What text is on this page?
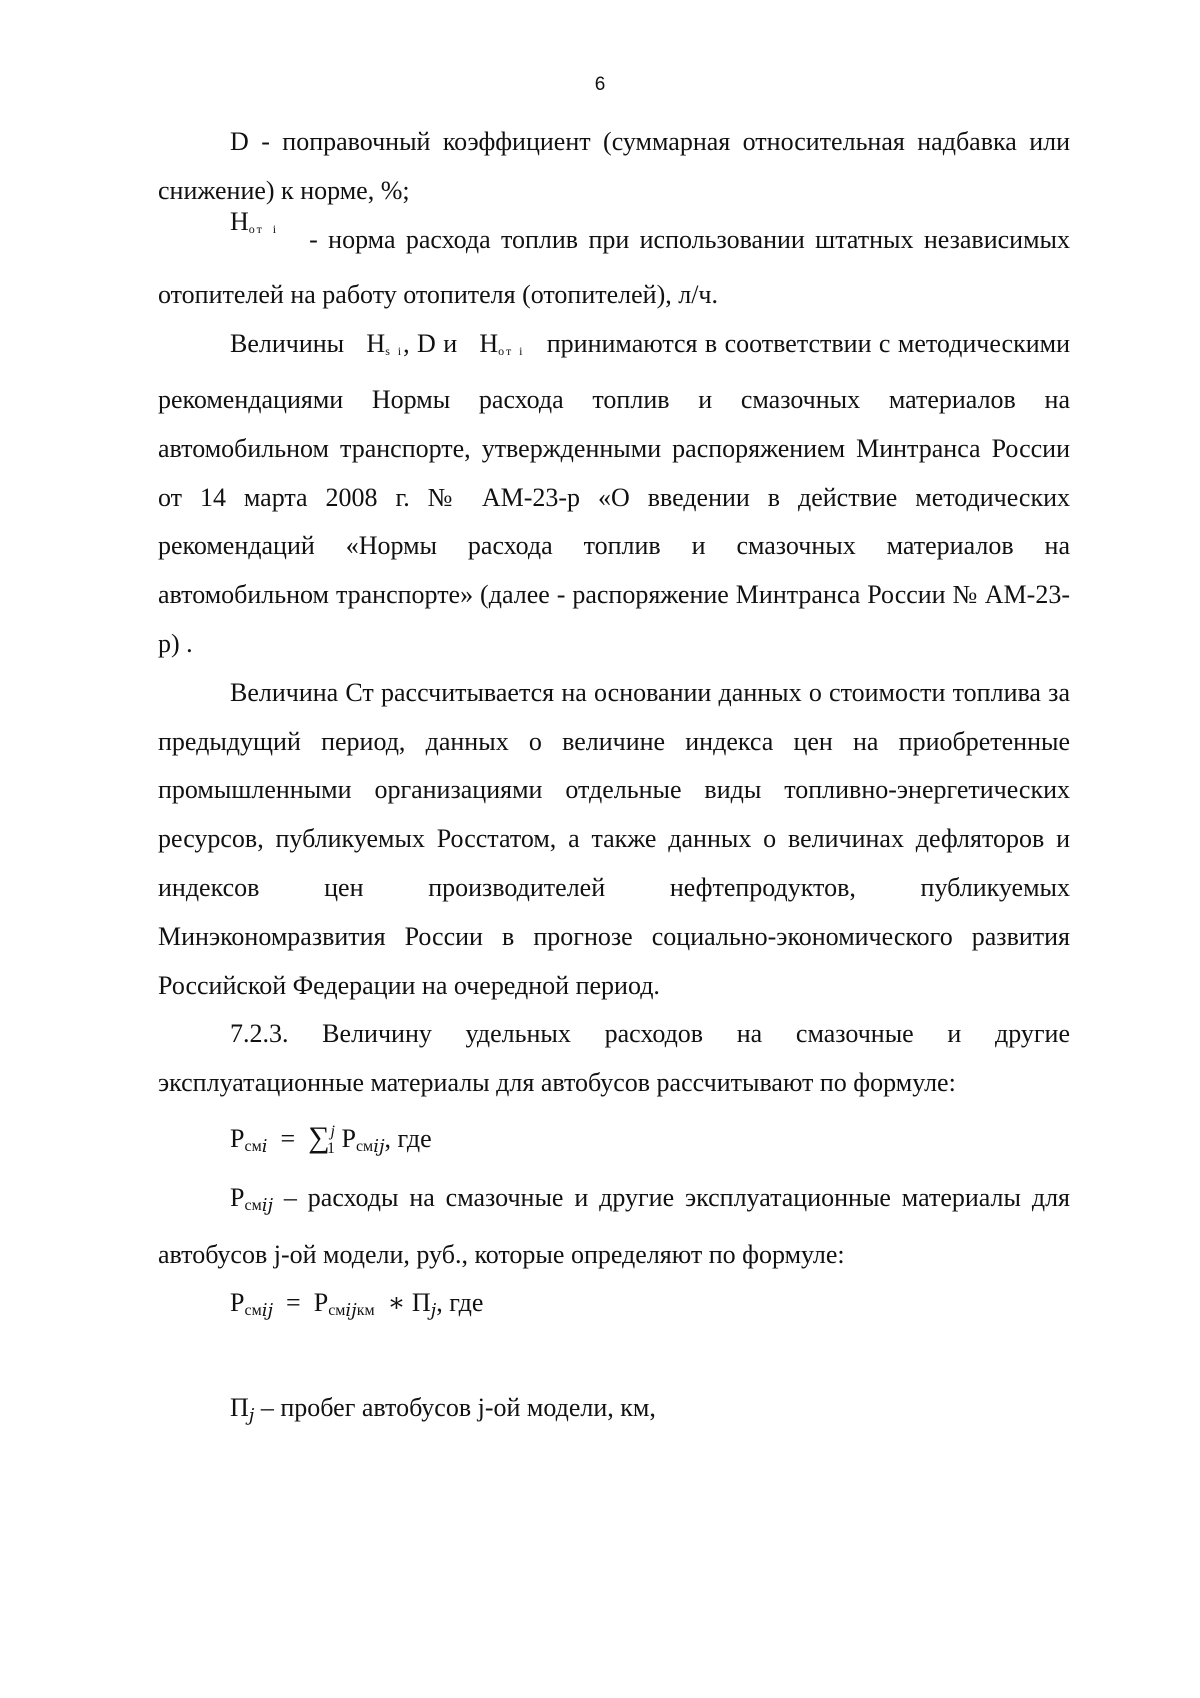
6

D - поправочный коэффициент (суммарная относительная надбавка или снижение) к норме, %;

Hот i - норма расхода топлив при использовании штатных независимых отопителей на работу отопителя (отопителей), л/ч.

Величины Hs i, D и Hот i принимаются в соответствии с методическими рекомендациями Нормы расхода топлив и смазочных материалов на автомобильном транспорте, утвержденными распоряжением Минтранса России от 14 марта 2008 г. № АМ-23-р «О введении в действие методических рекомендаций «Нормы расхода топлив и смазочных материалов на автомобильном транспорте» (далее - распоряжение Минтранса России № АМ-23-р) .

Величина Ст рассчитывается на основании данных о стоимости топлива за предыдущий период, данных о величине индекса цен на приобретенные промышленными организациями отдельные виды топливно-энергетических ресурсов, публикуемых Росстатом, а также данных о величинах дефляторов и индексов цен производителей нефтепродуктов, публикуемых Минэкономразвития России в прогнозе социально-экономического развития Российской Федерации на очередной период.

7.2.3. Величину удельных расходов на смазочные и другие эксплуатационные материалы для автобусов рассчитывают по формуле:

$Р_{см}i = \sum^j_1$ $Р_{см}ij$, где

$Р_{см}ij$ – расходы на смазочные и другие эксплуатационные материалы для автобусов j-ой модели, руб., которые определяют по формуле:

$Р_{см}ij = Р_{см}ij_{км}$ ∗ Пj, где

Пj – пробег автобусов j-ой модели, км,
